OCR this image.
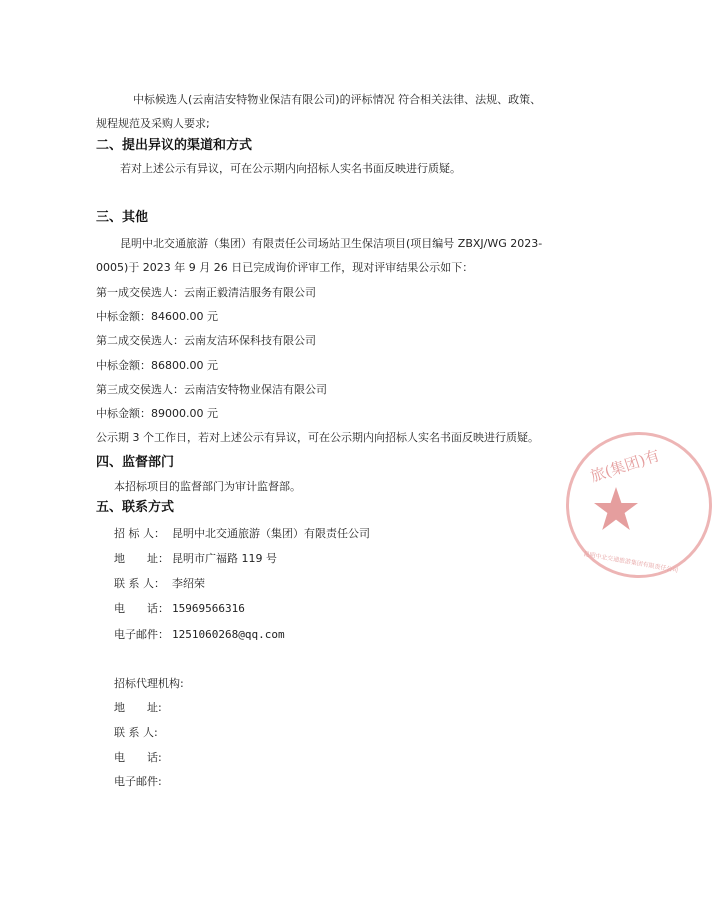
中标候选人(云南洁安特物业保洁有限公司)的评标情况 符合相关法律、法规、政策、
规程规范及采购人要求;
二、提出异议的渠道和方式
若对上述公示有异议，可在公示期内向招标人实名书面反映进行质疑。
三、其他
昆明中北交通旅游（集团）有限责任公司场站卫生保洁项目(项目编号 ZBXJ/WG 2023-
0005)于 2023 年 9 月 26 日已完成询价评审工作，现对评审结果公示如下：
第一成交侯选人：云南正毅清洁服务有限公司
中标金额：84600.00 元
第二成交侯选人：云南友洁环保科技有限公司
中标金额：86800.00 元
第三成交侯选人：云南洁安特物业保洁有限公司
中标金额：89000.00 元
公示期 3 个工作日，若对上述公示有异议，可在公示期内向招标人实名书面反映进行质疑。
四、监督部门
本招标项目的监督部门为审计监督部。
五、联系方式
招 标 人： 昆明中北交通旅游（集团）有限责任公司
地　　址： 昆明市广福路 119 号
联 系 人： 李绍荣
电　　话： 15969566316
电子邮件： 1251060268@qq.com
招标代理机构:
地　　址:
联 系 人:
电　　话:
电子邮件:
旅(集团)有
昆明中北交通旅游集团有限责任公司
